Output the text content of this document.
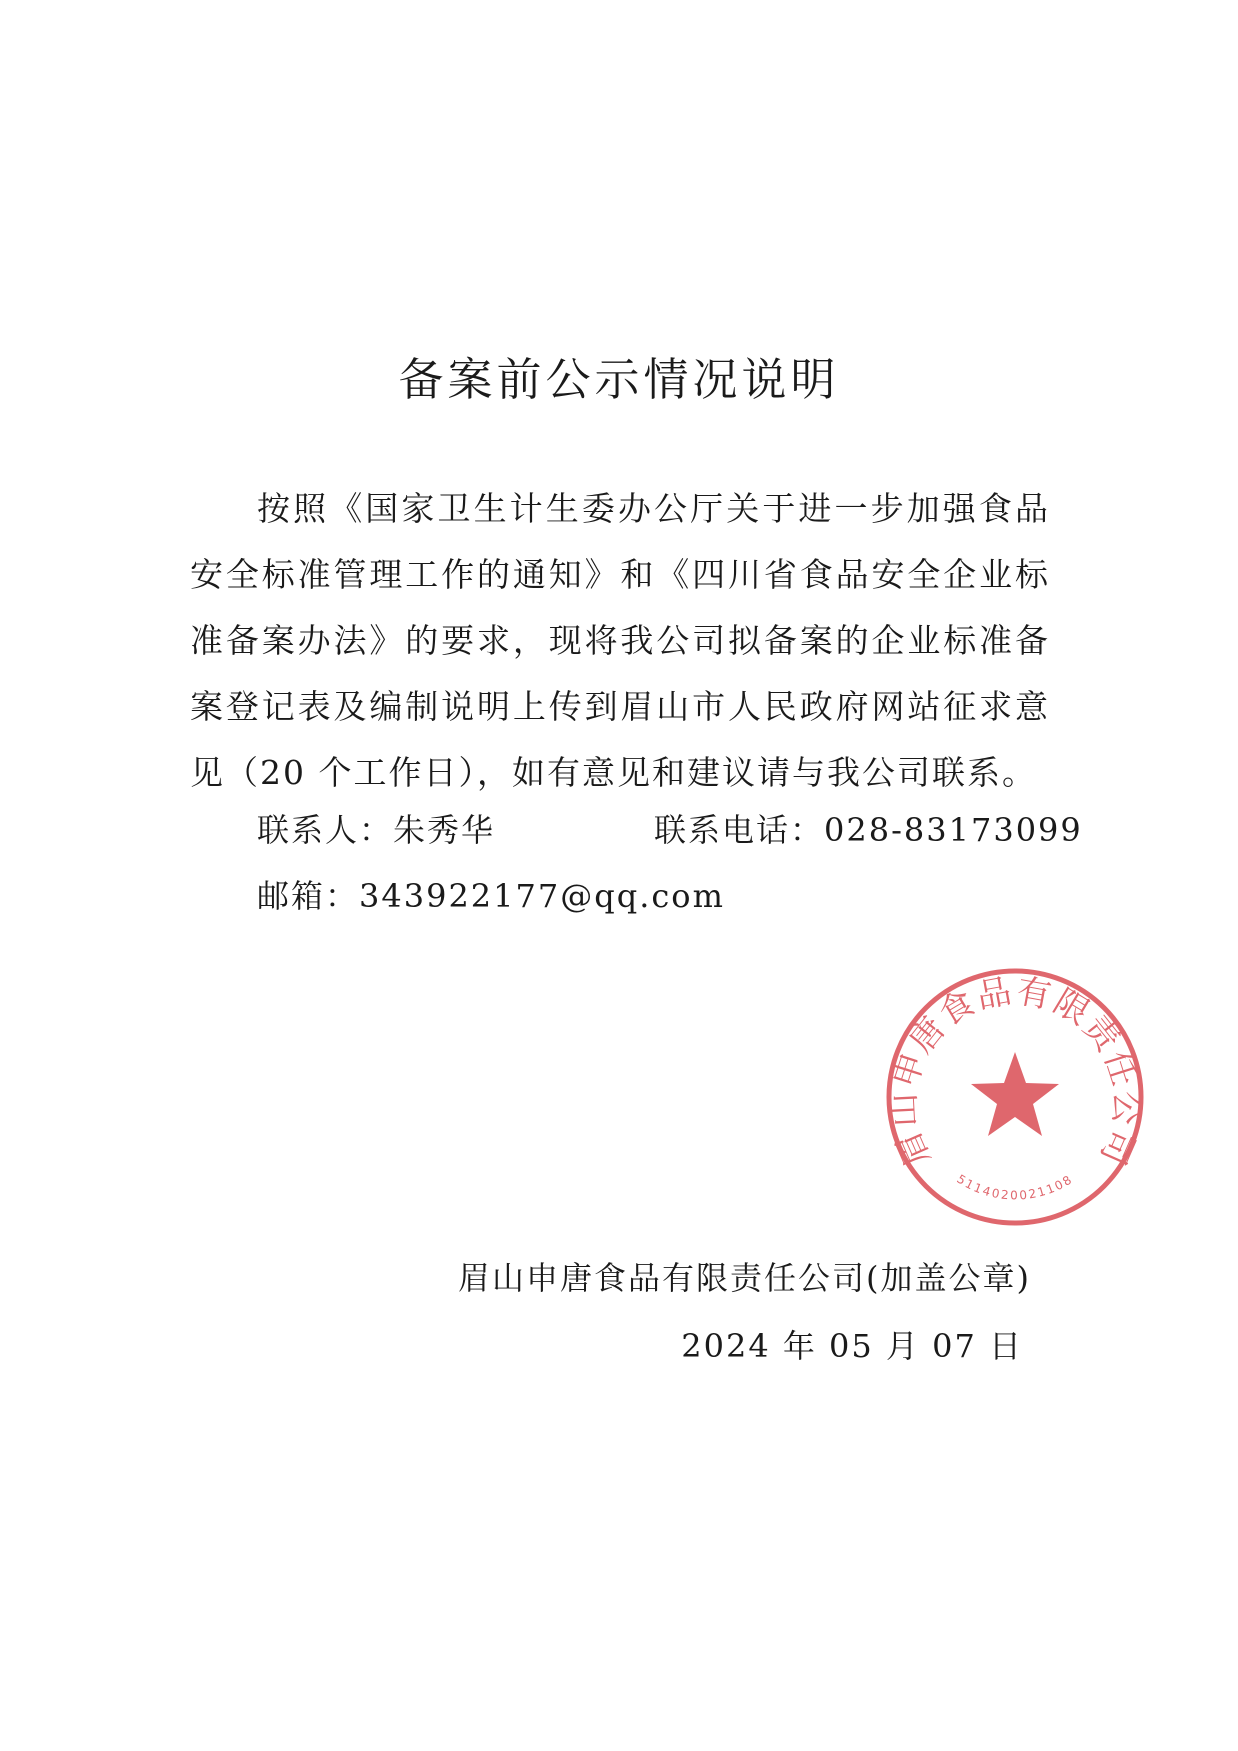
备案前公示情况说明
按照《国家卫生计生委办公厅关于进一步加强食品安全标准管理工作的通知》和《四川省食品安全企业标准备案办法》的要求，现将我公司拟备案的企业标准备案登记表及编制说明上传到眉山市人民政府网站征求意见（20 个工作日），如有意见和建议请与我公司联系。
联系人：朱秀华	联系电话：028-83173099
邮箱：343922177@qq.com
眉山申唐食品有限责任公司
5114020021108
眉山申唐食品有限责任公司(加盖公章)
2024 年 05 月 07 日
